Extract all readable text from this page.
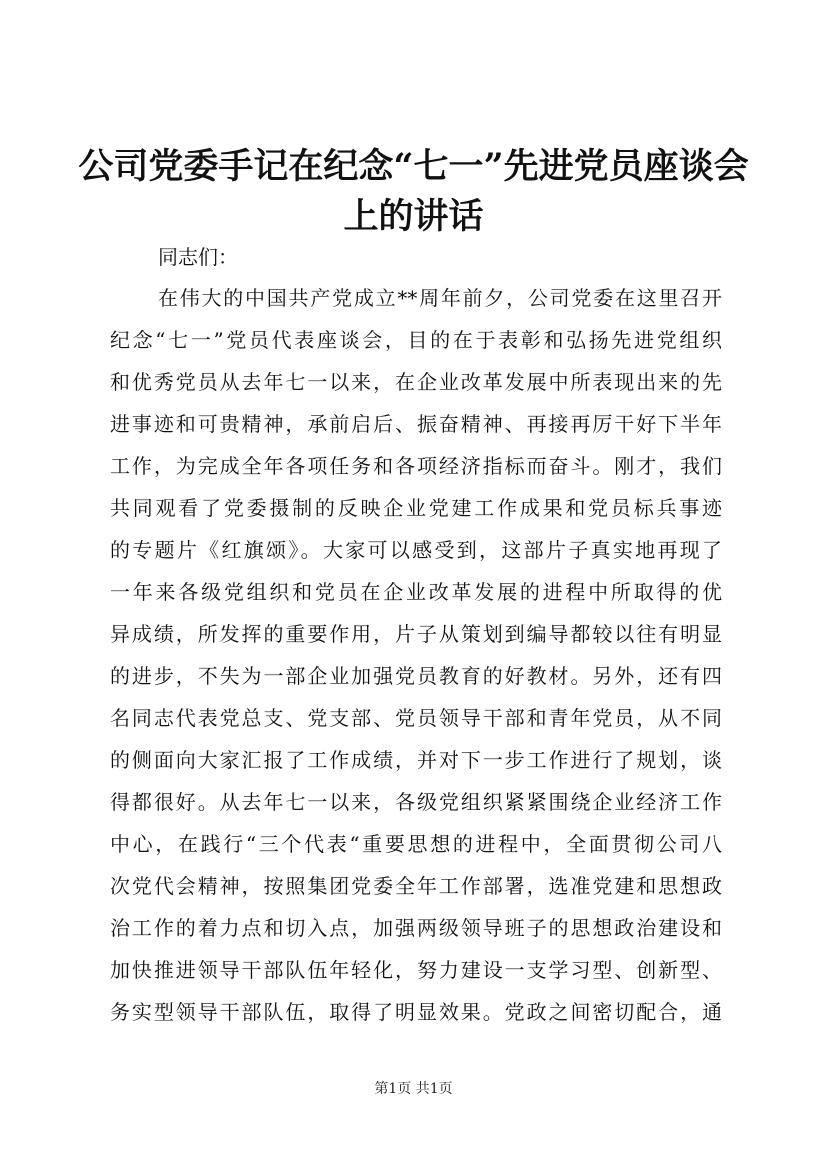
公司党委手记在纪念“七一”先进党员座谈会
上的讲话
同志们：
在伟大的中国共产党成立**周年前夕，公司党委在这里召开
纪念“七一”党员代表座谈会，目的在于表彰和弘扬先进党组织
和优秀党员从去年七一以来，在企业改革发展中所表现出来的先
进事迹和可贵精神，承前启后、振奋精神、再接再厉干好下半年
工作，为完成全年各项任务和各项经济指标而奋斗。刚才，我们
共同观看了党委摄制的反映企业党建工作成果和党员标兵事迹
的专题片《红旗颂》。大家可以感受到，这部片子真实地再现了
一年来各级党组织和党员在企业改革发展的进程中所取得的优
异成绩，所发挥的重要作用，片子从策划到编导都较以往有明显
的进步，不失为一部企业加强党员教育的好教材。另外，还有四
名同志代表党总支、党支部、党员领导干部和青年党员，从不同
的侧面向大家汇报了工作成绩，并对下一步工作进行了规划，谈
得都很好。从去年七一以来，各级党组织紧紧围绕企业经济工作
中心，在践行“三个代表“重要思想的进程中，全面贯彻公司八
次党代会精神，按照集团党委全年工作部署，选准党建和思想政
治工作的着力点和切入点，加强两级领导班子的思想政治建设和
加快推进领导干部队伍年轻化，努力建设一支学习型、创新型、
务实型领导干部队伍，取得了明显效果。党政之间密切配合，通
第1页 共1页
